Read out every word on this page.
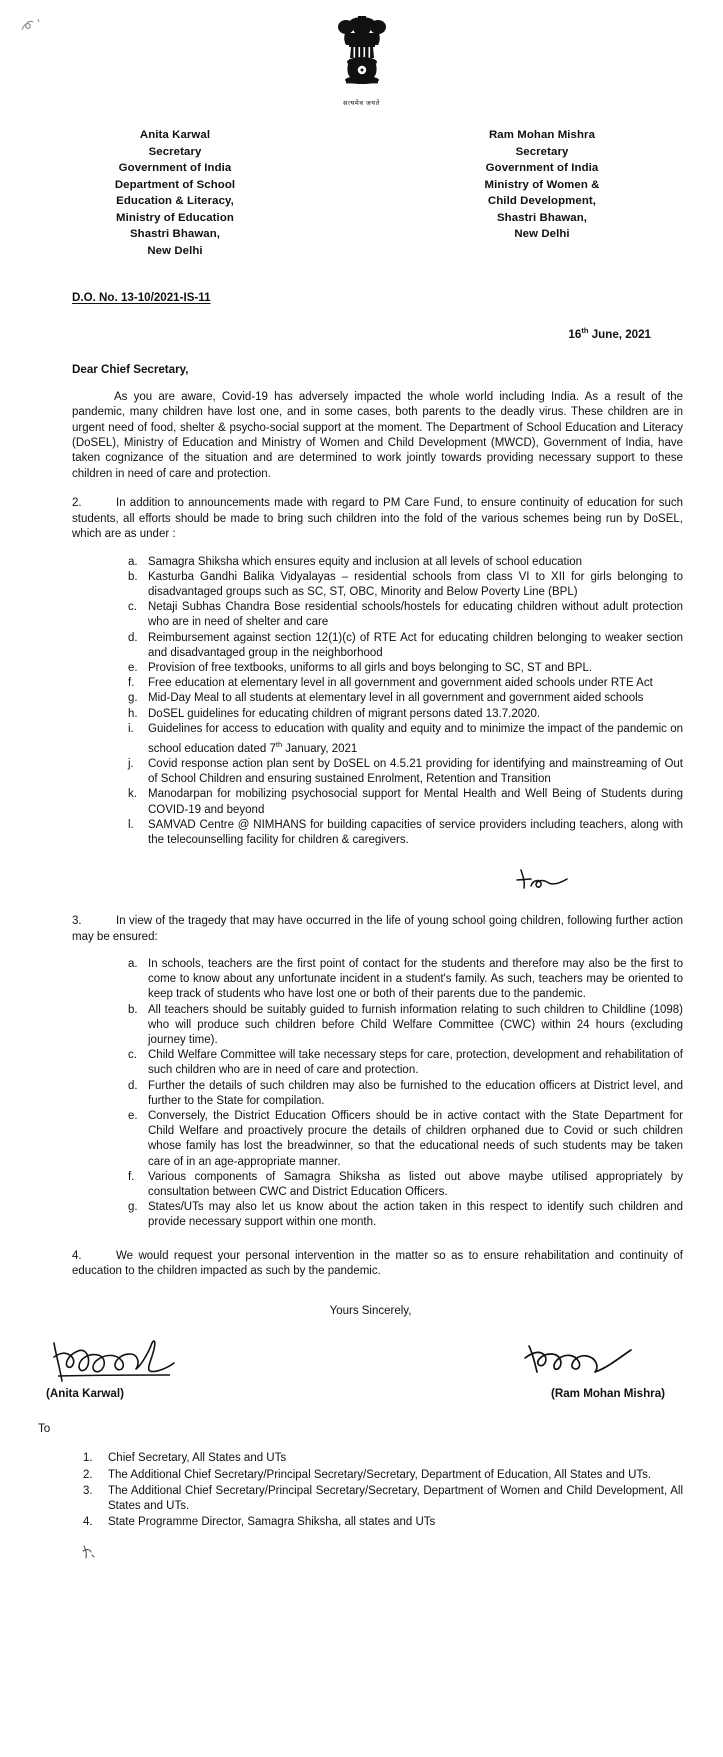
सत्यमेव जयते
Anita Karwal
Secretary
Government of India
Department of School
Education & Literacy,
Ministry of Education
Shastri Bhawan,
New Delhi
Ram Mohan Mishra
Secretary
Government of India
Ministry of Women &
Child Development,
Shastri Bhawan,
New Delhi
D.O. No. 13-10/2021-IS-11
16th June, 2021
Dear Chief Secretary,

As you are aware, Covid-19 has adversely impacted the whole world including India. As a result of the pandemic, many children have lost one, and in some cases, both parents to the deadly virus. These children are in urgent need of food, shelter & psycho-social support at the moment. The Department of School Education and Literacy (DoSEL), Ministry of Education and Ministry of Women and Child Development (MWCD), Government of India, have taken cognizance of the situation and are determined to work jointly towards providing necessary support to these children in need of care and protection.

2.	In addition to announcements made with regard to PM Care Fund, to ensure continuity of education for such students, all efforts should be made to bring such children into the fold of the various schemes being run by DoSEL, which are as under :

a. Samagra Shiksha which ensures equity and inclusion at all levels of school education
b. Kasturba Gandhi Balika Vidyalayas – residential schools from class VI to XII for girls belonging to disadvantaged groups such as SC, ST, OBC, Minority and Below Poverty Line (BPL)
c. Netaji Subhas Chandra Bose residential schools/hostels for educating children without adult protection who are in need of shelter and care
d. Reimbursement against section 12(1)(c) of RTE Act for educating children belonging to weaker section and disadvantaged group in the neighborhood
e. Provision of free textbooks, uniforms to all girls and boys belonging to SC, ST and BPL.
f.	Free education at elementary level in all government and government aided schools under RTE Act
g. Mid-Day Meal to all students at elementary level in all government and government aided schools
h. DoSEL guidelines for educating children of migrant persons dated 13.7.2020.
i.	Guidelines for access to education with quality and equity and to minimize the impact of the pandemic on school education dated 7th January, 2021
j.	Covid response action plan sent by DoSEL on 4.5.21 providing for identifying and mainstreaming of Out of School Children and ensuring sustained Enrolment, Retention and Transition
k. Manodarpan for mobilizing psychosocial support for Mental Health and Well Being of Students during COVID-19 and beyond
l.	SAMVAD Centre @ NIMHANS for building capacities of service providers including teachers, along with the telecounselling facility for children & caregivers.

3.	In view of the tragedy that may have occurred in the life of young school going children, following further action may be ensured:

a. In schools, teachers are the first point of contact for the students and therefore may also be the first to come to know about any unfortunate incident in a student's family. As such, teachers may be oriented to keep track of students who have lost one or both of their parents due to the pandemic.
b. All teachers should be suitably guided to furnish information relating to such children to Childline (1098) who will produce such children before Child Welfare Committee (CWC) within 24 hours (excluding journey time).
c. Child Welfare Committee will take necessary steps for care, protection, development and rehabilitation of such children who are in need of care and protection.
d. Further the details of such children may also be furnished to the education officers at District level, and further to the State for compilation.
e. Conversely, the District Education Officers should be in active contact with the State Department for Child Welfare and proactively procure the details of children orphaned due to Covid or such children whose family has lost the breadwinner, so that the educational needs of such students may be taken care of in an age-appropriate manner.
f.	Various components of Samagra Shiksha as listed out above maybe utilised appropriately by consultation between CWC and District Education Officers.
g. States/UTs may also let us know about the action taken in this respect to identify such children and provide necessary support within one month.

4.	We would request your personal intervention in the matter so as to ensure rehabilitation and continuity of education to the children impacted as such by the pandemic.

Yours Sincerely,
(Anita Karwal)	(Ram Mohan Mishra)
To
1.	Chief Secretary, All States and UTs
2.	The Additional Chief Secretary/Principal Secretary/Secretary, Department of Education, All States and UTs.
3.	The Additional Chief Secretary/Principal Secretary/Secretary, Department of Women and Child Development, All States and UTs.
4.	State Programme Director, Samagra Shiksha, all states and UTs
